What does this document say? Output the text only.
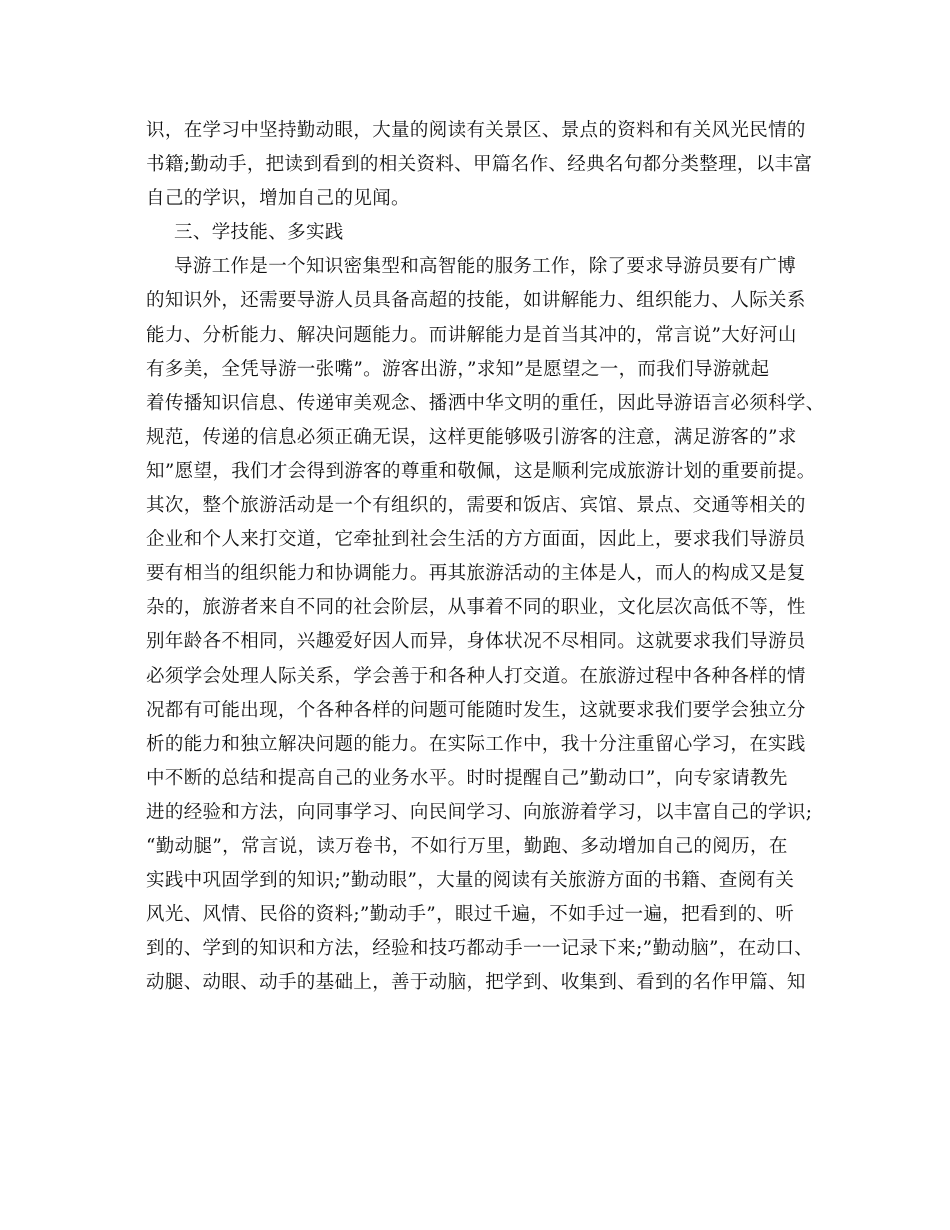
识，在学习中坚持勤动眼，大量的阅读有关景区、景点的资料和有关风光民情的
书籍;勤动手，把读到看到的相关资料、甲篇名作、经典名句都分类整理，以丰富
自己的学识，增加自己的见闻。
三、学技能、多实践
导游工作是一个知识密集型和高智能的服务工作，除了要求导游员要有广博
的知识外，还需要导游人员具备高超的技能，如讲解能力、组织能力、人际关系
能力、分析能力、解决问题能力。而讲解能力是首当其冲的，常言说”大好河山
有多美，全凭导游一张嘴”。游客出游，”求知”是愿望之一，而我们导游就起
着传播知识信息、传递审美观念、播洒中华文明的重任，因此导游语言必须科学、
规范，传递的信息必须正确无误，这样更能够吸引游客的注意，满足游客的”求
知”愿望，我们才会得到游客的尊重和敬佩，这是顺利完成旅游计划的重要前提。
其次，整个旅游活动是一个有组织的，需要和饭店、宾馆、景点、交通等相关的
企业和个人来打交道，它牵扯到社会生活的方方面面，因此上，要求我们导游员
要有相当的组织能力和协调能力。再其旅游活动的主体是人，而人的构成又是复
杂的，旅游者来自不同的社会阶层，从事着不同的职业，文化层次高低不等，性
别年龄各不相同，兴趣爱好因人而异，身体状况不尽相同。这就要求我们导游员
必须学会处理人际关系，学会善于和各种人打交道。在旅游过程中各种各样的情
况都有可能出现，个各种各样的问题可能随时发生，这就要求我们要学会独立分
析的能力和独立解决问题的能力。在实际工作中，我十分注重留心学习，在实践
中不断的总结和提高自己的业务水平。时时提醒自己”勤动口”，向专家请教先
进的经验和方法，向同事学习、向民间学习、向旅游着学习，以丰富自己的学识;
“勤动腿”，常言说，读万卷书，不如行万里，勤跑、多动增加自己的阅历，在
实践中巩固学到的知识;”勤动眼”，大量的阅读有关旅游方面的书籍、查阅有关
风光、风情、民俗的资料;”勤动手”，眼过千遍，不如手过一遍，把看到的、听
到的、学到的知识和方法，经验和技巧都动手一一记录下来;”勤动脑”，在动口、
动腿、动眼、动手的基础上，善于动脑，把学到、收集到、看到的名作甲篇、知
